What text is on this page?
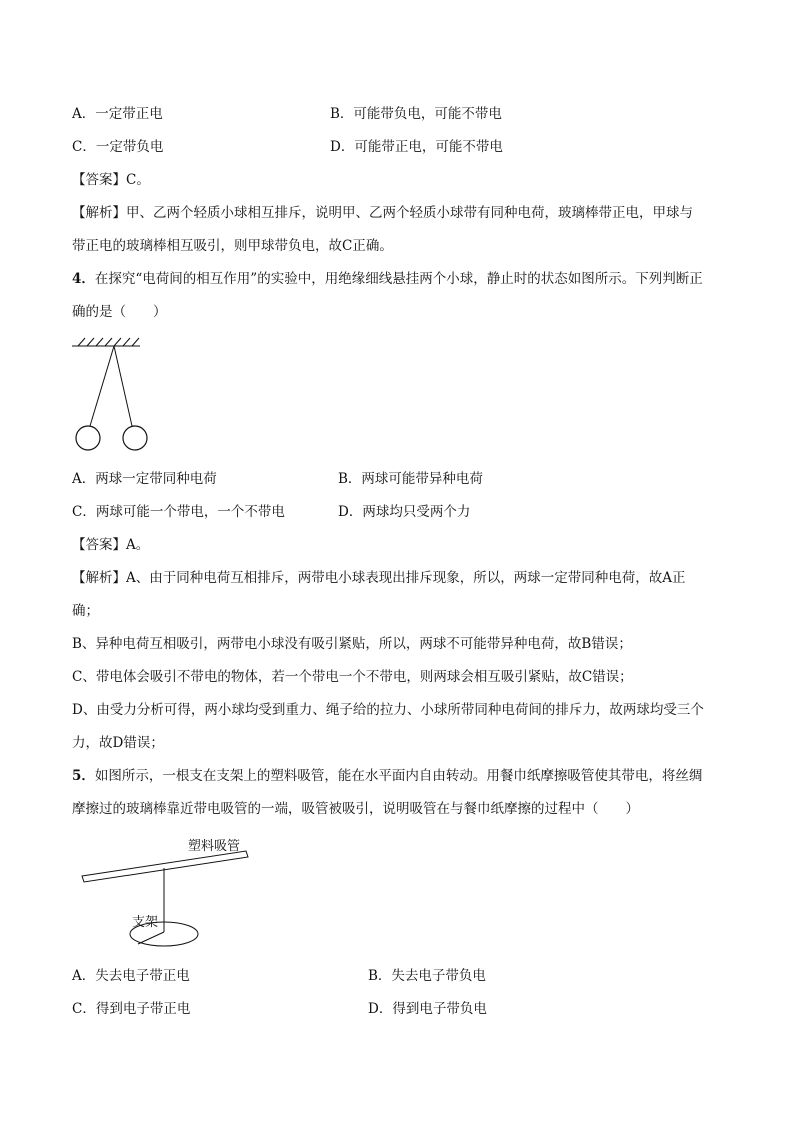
A．一定带正电	B．可能带负电，可能不带电
C．一定带负电	D．可能带正电，可能不带电
【答案】C。
【解析】甲、乙两个轻质小球相互排斥，说明甲、乙两个轻质小球带有同种电荷，玻璃棒带正电，甲球与
带正电的玻璃棒相互吸引，则甲球带负电，故C正确。
4．在探究“电荷间的相互作用”的实验中，用绝缘细线悬挂两个小球，静止时的状态如图所示。下列判断正
确的是（　　）
A．两球一定带同种电荷	B．两球可能带异种电荷
C．两球可能一个带电，一个不带电	D．两球均只受两个力
【答案】A。
【解析】A、由于同种电荷互相排斥，两带电小球表现出排斥现象，所以，两球一定带同种电荷，故A正
确；
B、异种电荷互相吸引，两带电小球没有吸引紧贴，所以，两球不可能带异种电荷，故B错误；
C、带电体会吸引不带电的物体，若一个带电一个不带电，则两球会相互吸引紧贴，故C错误；
D、由受力分析可得，两小球均受到重力、绳子给的拉力、小球所带同种电荷间的排斥力，故两球均受三个
力，故D错误；
5．如图所示，一根支在支架上的塑料吸管，能在水平面内自由转动。用餐巾纸摩擦吸管使其带电，将丝绸
摩擦过的玻璃棒靠近带电吸管的一端，吸管被吸引，说明吸管在与餐巾纸摩擦的过程中（　　）
塑料吸管
支架
A．失去电子带正电	B．失去电子带负电
C．得到电子带正电	D．得到电子带负电
